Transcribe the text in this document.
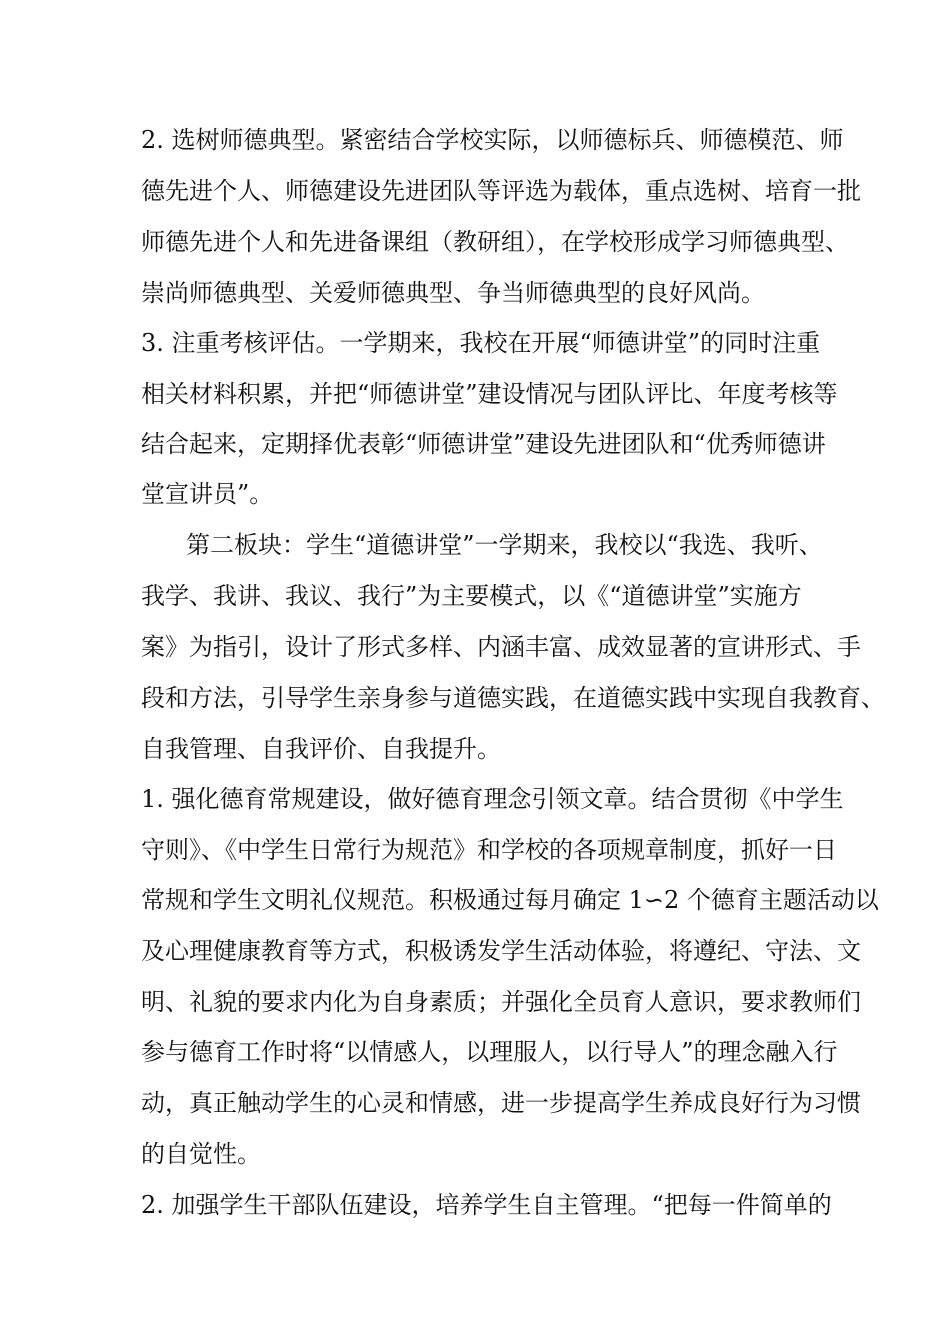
2. 选树师德典型。紧密结合学校实际，以师德标兵、师德模范、师
德先进个人、师德建设先进团队等评选为载体，重点选树、培育一批
师德先进个人和先进备课组（教研组），在学校形成学习师德典型、
崇尚师德典型、关爱师德典型、争当师德典型的良好风尚。
3. 注重考核评估。一学期来，我校在开展“师德讲堂”的同时注重
相关材料积累，并把“师德讲堂”建设情况与团队评比、年度考核等
结合起来，定期择优表彰“师德讲堂”建设先进团队和“优秀师德讲
堂宣讲员”。
第二板块：学生“道德讲堂”一学期来，我校以“我选、我听、
我学、我讲、我议、我行”为主要模式，以《“道德讲堂”实施方
案》为指引，设计了形式多样、内涵丰富、成效显著的宣讲形式、手
段和方法，引导学生亲身参与道德实践，在道德实践中实现自我教育、
自我管理、自我评价、自我提升。
1. 强化德育常规建设，做好德育理念引领文章。结合贯彻《中学生
守则》、《中学生日常行为规范》和学校的各项规章制度，抓好一日
常规和学生文明礼仪规范。积极通过每月确定 1∽2 个德育主题活动以
及心理健康教育等方式，积极诱发学生活动体验，将遵纪、守法、文
明、礼貌的要求内化为自身素质；并强化全员育人意识，要求教师们
参与德育工作时将“以情感人，以理服人，以行导人”的理念融入行
动，真正触动学生的心灵和情感，进一步提高学生养成良好行为习惯
的自觉性。
2. 加强学生干部队伍建设，培养学生自主管理。“把每一件简单的
